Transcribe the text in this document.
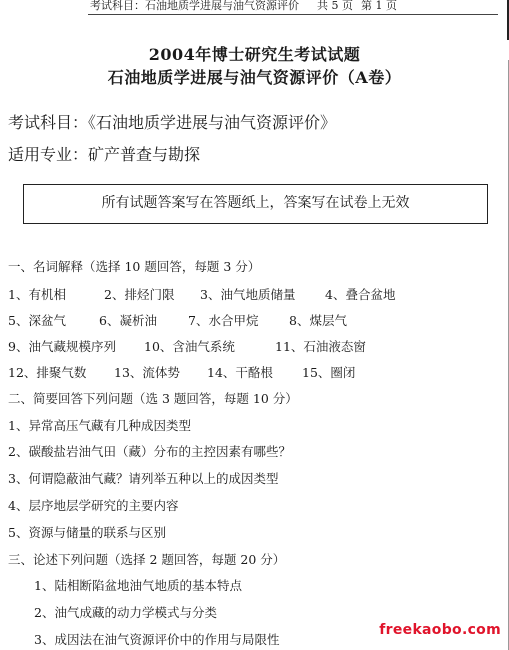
考试科目：石油地质学进展与油气资源评价 共 5 页 第 1 页
2004年博士研究生考试试题
石油地质学进展与油气资源评价（A卷）
考试科目：《石油地质学进展与油气资源评价》
适用专业：矿产普查与勘探
所有试题答案写在答题纸上，答案写在试卷上无效
一、名词解释（选择 10 题回答，每题 3 分）
1、有机相	2、排烃门限 3、油气地质储量 4、叠合盆地
5、深盆气	6、凝析油 7、水合甲烷 8、煤层气
9、油气藏规模序列 10、含油气系统	11、石油液态窗
12、排聚气数 13、流体势 14、干酪根 15、圈闭
二、简要回答下列问题（选 3 题回答，每题 10 分）
1、异常高压气藏有几种成因类型
2、碳酸盐岩油气田（藏）分布的主控因素有哪些？
3、何谓隐蔽油气藏？请列举五种以上的成因类型
4、层序地层学研究的主要内容
5、资源与储量的联系与区别
三、论述下列问题（选择 2 题回答，每题 20 分）
1、陆相断陷盆地油气地质的基本特点
2、油气成藏的动力学模式与分类
3、成因法在油气资源评价中的作用与局限性
freekaobo.com
